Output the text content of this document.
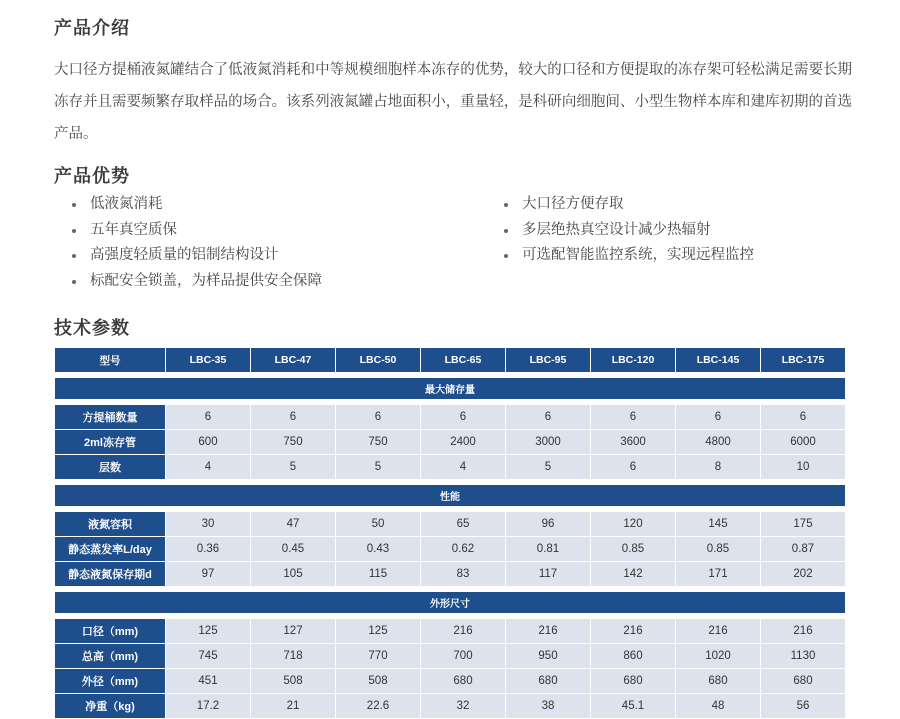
产品介绍

大口径方提桶液氮罐结合了低液氮消耗和中等规模细胞样本冻存的优势，较大的口径和方便提取的冻存架可轻松满足需要长期冻存并且需要频繁存取样品的场合。该系列液氮罐占地面积小，重量轻，是科研向细胞间、小型生物样本库和建库初期的首选产品。

产品优势
低液氮消耗
五年真空质保
高强度轻质量的铝制结构设计
标配安全锁盖，为样品提供安全保障
大口径方便存取
多层绝热真空设计减少热辐射
可选配智能监控系统，实现远程监控
技术参数
型号	LBC-35	LBC-47	LBC-50	LBC-65	LBC-95	LBC-120	LBC-145	LBC-175

最大储存量								

方提桶数量	6	6	6	6	6	6	6	6
2ml冻存管	600	750	750	2400	3000	3600	4800	6000
层数	4	5	5	4	5	6	8	10

性能								

液氮容积	30	47	50	65	96	120	145	175
静态蒸发率L/day	0.36	0.45	0.43	0.62	0.81	0.85	0.85	0.87
静态液氮保存期d	97	105	115	83	117	142	171	202

外形尺寸								

口径（mm)	125	127	125	216	216	216	216	216
总高（mm)	745	718	770	700	950	860	1020	1130
外径（mm)	451	508	508	680	680	680	680	680
净重（kg)	17.2	21	22.6	32	38	45.1	48	56
